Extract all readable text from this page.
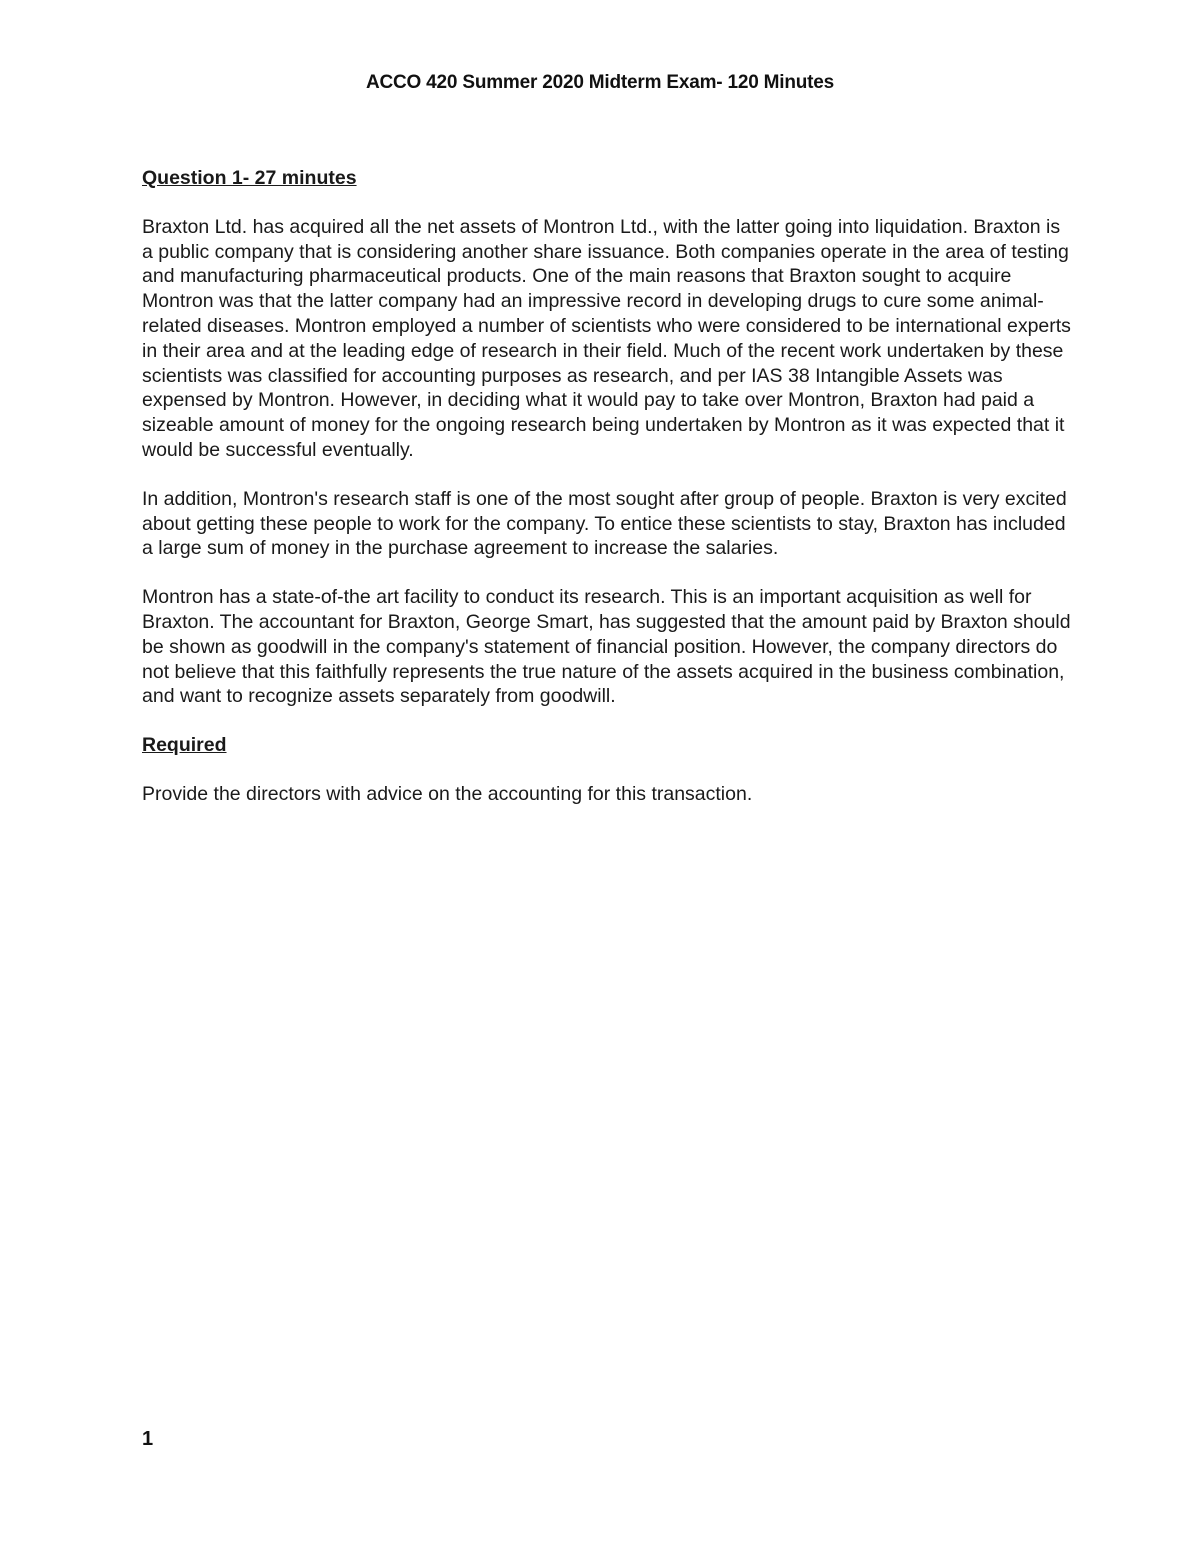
ACCO 420 Summer 2020 Midterm Exam- 120 Minutes
Question 1- 27 minutes

Braxton Ltd. has acquired all the net assets of Montron Ltd., with the latter going into liquidation. Braxton is a public company that is considering another share issuance. Both companies operate in the area of testing and manufacturing pharmaceutical products. One of the main reasons that Braxton sought to acquire Montron was that the latter company had an impressive record in developing drugs to cure some animal-related diseases. Montron employed a number of scientists who were considered to be international experts in their area and at the leading edge of research in their field. Much of the recent work undertaken by these scientists was classified for accounting purposes as research, and per IAS 38 Intangible Assets was expensed by Montron. However, in deciding what it would pay to take over Montron, Braxton had paid a sizeable amount of money for the ongoing research being undertaken by Montron as it was expected that it would be successful eventually.

In addition, Montron's research staff is one of the most sought after group of people. Braxton is very excited about getting these people to work for the company. To entice these scientists to stay, Braxton has included a large sum of money in the purchase agreement to increase the salaries.

Montron has a state-of-the art facility to conduct its research. This is an important acquisition as well for Braxton. The accountant for Braxton, George Smart, has suggested that the amount paid by Braxton should be shown as goodwill in the company's statement of financial position. However, the company directors do not believe that this faithfully represents the true nature of the assets acquired in the business combination, and want to recognize assets separately from goodwill.

Required

Provide the directors with advice on the accounting for this transaction.

1
